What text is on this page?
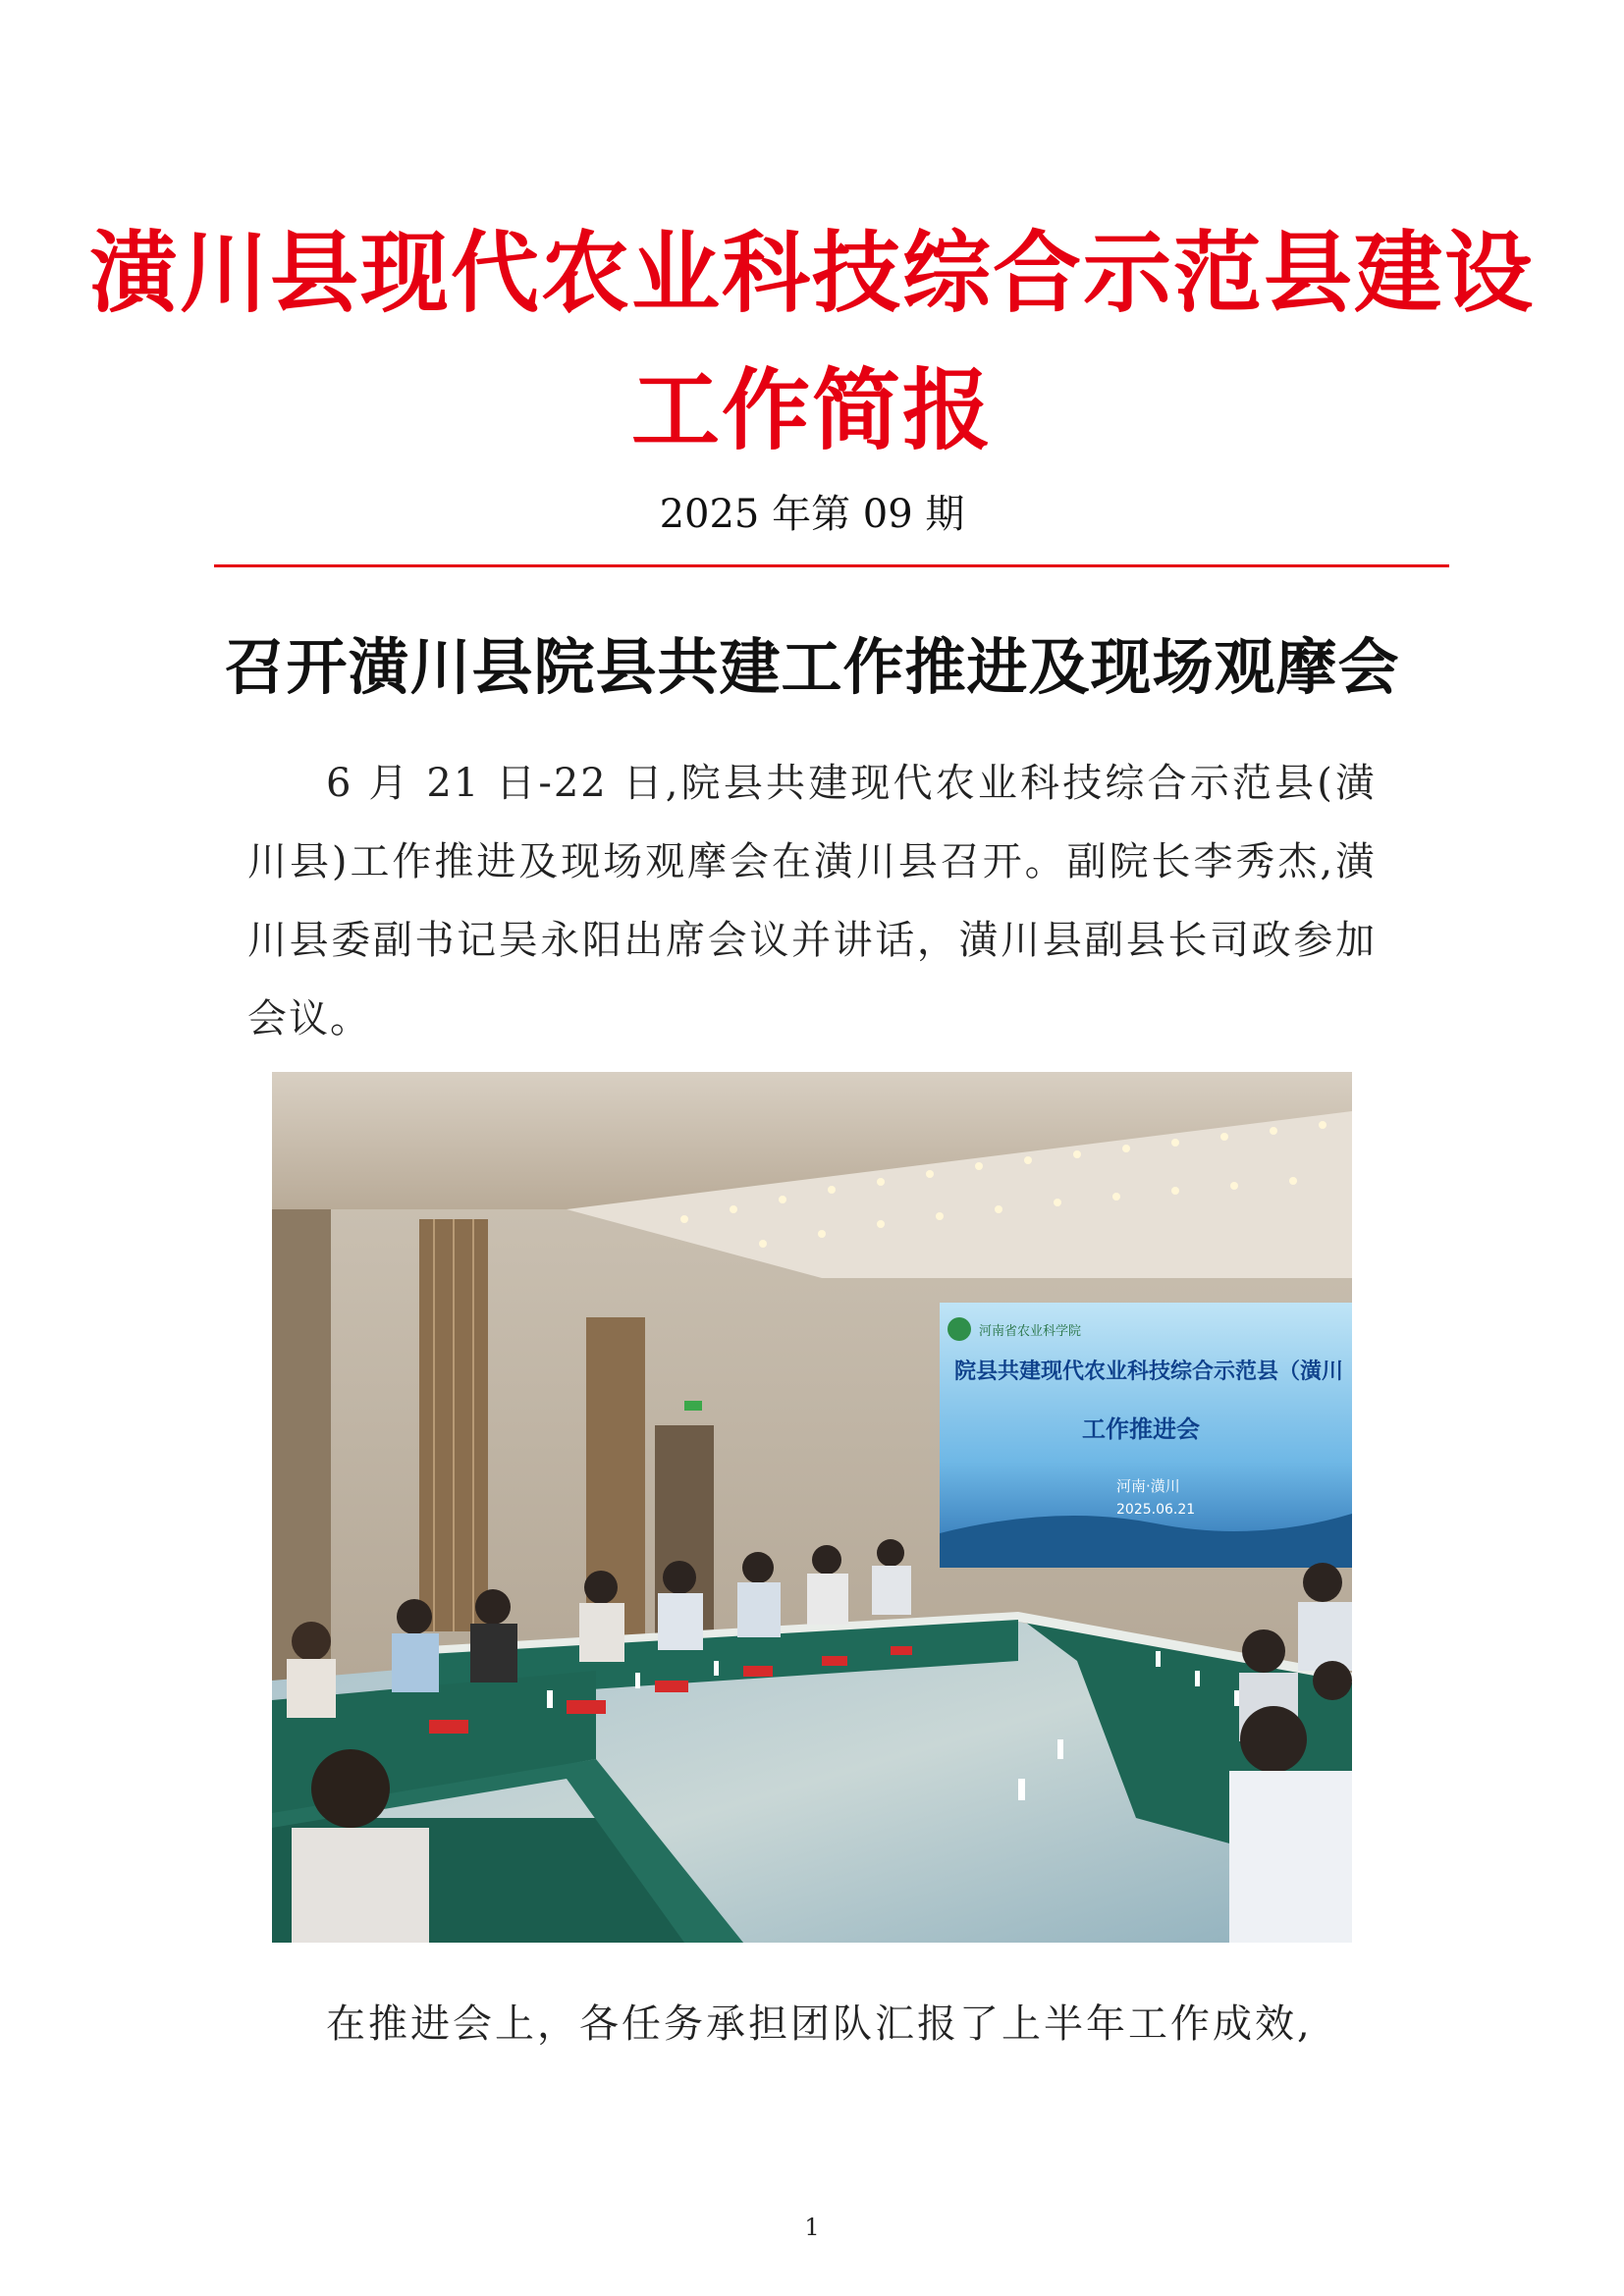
潢川县现代农业科技综合示范县建设
工作简报
2025 年第 09 期
召开潢川县院县共建工作推进及现场观摩会
6 月 21 日-22 日,院县共建现代农业科技综合示范县(潢川县)工作推进及现场观摩会在潢川县召开。副院长李秀杰,潢川县委副书记吴永阳出席会议并讲话，潢川县副县长司政参加会议。
河南省农业科学院
院县共建现代农业科技综合示范县（潢川
工作推进会
河南·潢川
2025.06.21
在推进会上，各任务承担团队汇报了上半年工作成效,
1
